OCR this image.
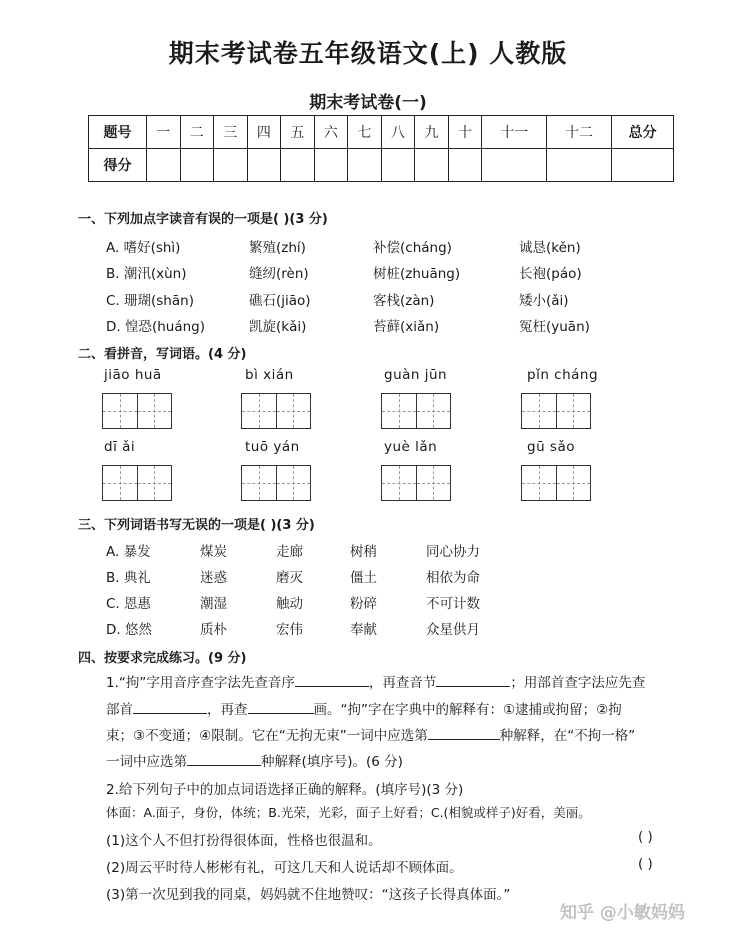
期末考试卷五年级语文(上) 人教版
期末考试卷(一)
题号	一	二	三	四	五	六	七	八	九	十	十一	十二	总分
得分													
一、下列加点字读音有误的一项是( )(3 分)
A. 嗜好(shì)	繁殖(zhí)	补偿(cháng)	诚恳(kěn)
B. 潮汛(xùn)	缝纫(rèn)	树桩(zhuāng)	长袍(páo)
C. 珊瑚(shān)	礁石(jiāo)	客栈(zàn)	矮小(ǎi)
D. 惶恐(huáng)	凯旋(kǎi)	苔藓(xiǎn)	冤枉(yuān)
二、看拼音，写词语。(4 分)
jiāo huā	bì xián	guàn jūn	pǐn cháng
dī ǎi	tuō yán	yuè lǎn	gū sǎo
三、下列词语书写无误的一项是( )(3 分)
A. 暴发	煤炭	走廊	树稍	同心协力
B. 典礼	迷惑	磨灭	僵土	相依为命
C. 恩惠	潮湿	触动	粉碎	不可计数
D. 悠然	质朴	宏伟	奉献	众星供月
四、按要求完成练习。(9 分)
1.“拘”字用音序查字法先查音序	，再查音节	；用部首查字法应先查
部首	，再查	画。“拘”字在字典中的解释有：①逮捕或拘留；②拘
束；③不变通；④限制。它在“无拘无束”一词中应选第	种解释，在“不拘一格”
一词中应选第	种解释(填序号)。(6 分)
2.给下列句子中的加点词语选择正确的解释。(填序号)(3 分)
体面：A.面子，身份，体统；B.光荣，光彩，面子上好看；C.(相貌或样子)好看，美丽。
(1)这个人不但打扮得很体面，性格也很温和。	( )
(2)周云平时待人彬彬有礼，可这几天和人说话却不顾体面。	( )
(3)第一次见到我的同桌，妈妈就不住地赞叹：“这孩子长得真体面。”
知乎 @小敏妈妈
